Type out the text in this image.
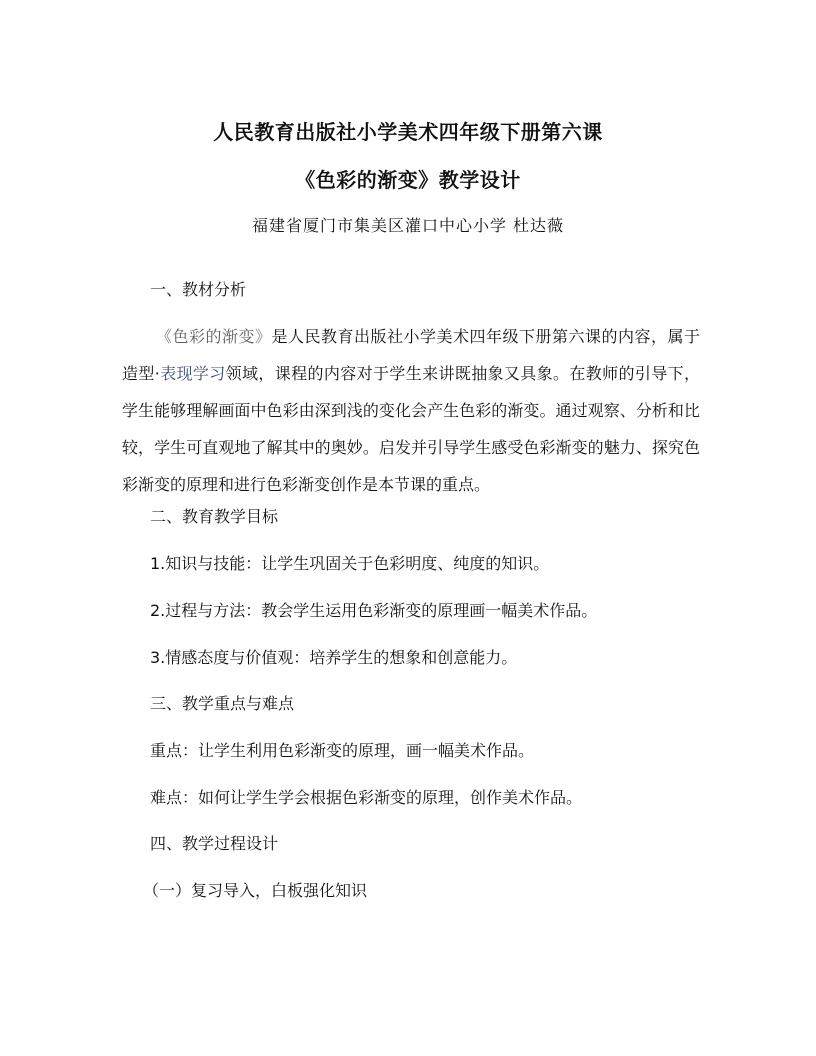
人民教育出版社小学美术四年级下册第六课
《色彩的渐变》教学设计
福建省厦门市集美区灌口中心小学 杜达薇
一、教材分析
《色彩的渐变》是人民教育出版社小学美术四年级下册第六课的内容，属于造型·表现学习领域，课程的内容对于学生来讲既抽象又具象。在教师的引导下，学生能够理解画面中色彩由深到浅的变化会产生色彩的渐变。通过观察、分析和比较，学生可直观地了解其中的奥妙。启发并引导学生感受色彩渐变的魅力、探究色彩渐变的原理和进行色彩渐变创作是本节课的重点。
二、教育教学目标
1.知识与技能：让学生巩固关于色彩明度、纯度的知识。
2.过程与方法：教会学生运用色彩渐变的原理画一幅美术作品。
3.情感态度与价值观：培养学生的想象和创意能力。
三、教学重点与难点
重点：让学生利用色彩渐变的原理，画一幅美术作品。
难点：如何让学生学会根据色彩渐变的原理，创作美术作品。
四、教学过程设计
（一）复习导入，白板强化知识
